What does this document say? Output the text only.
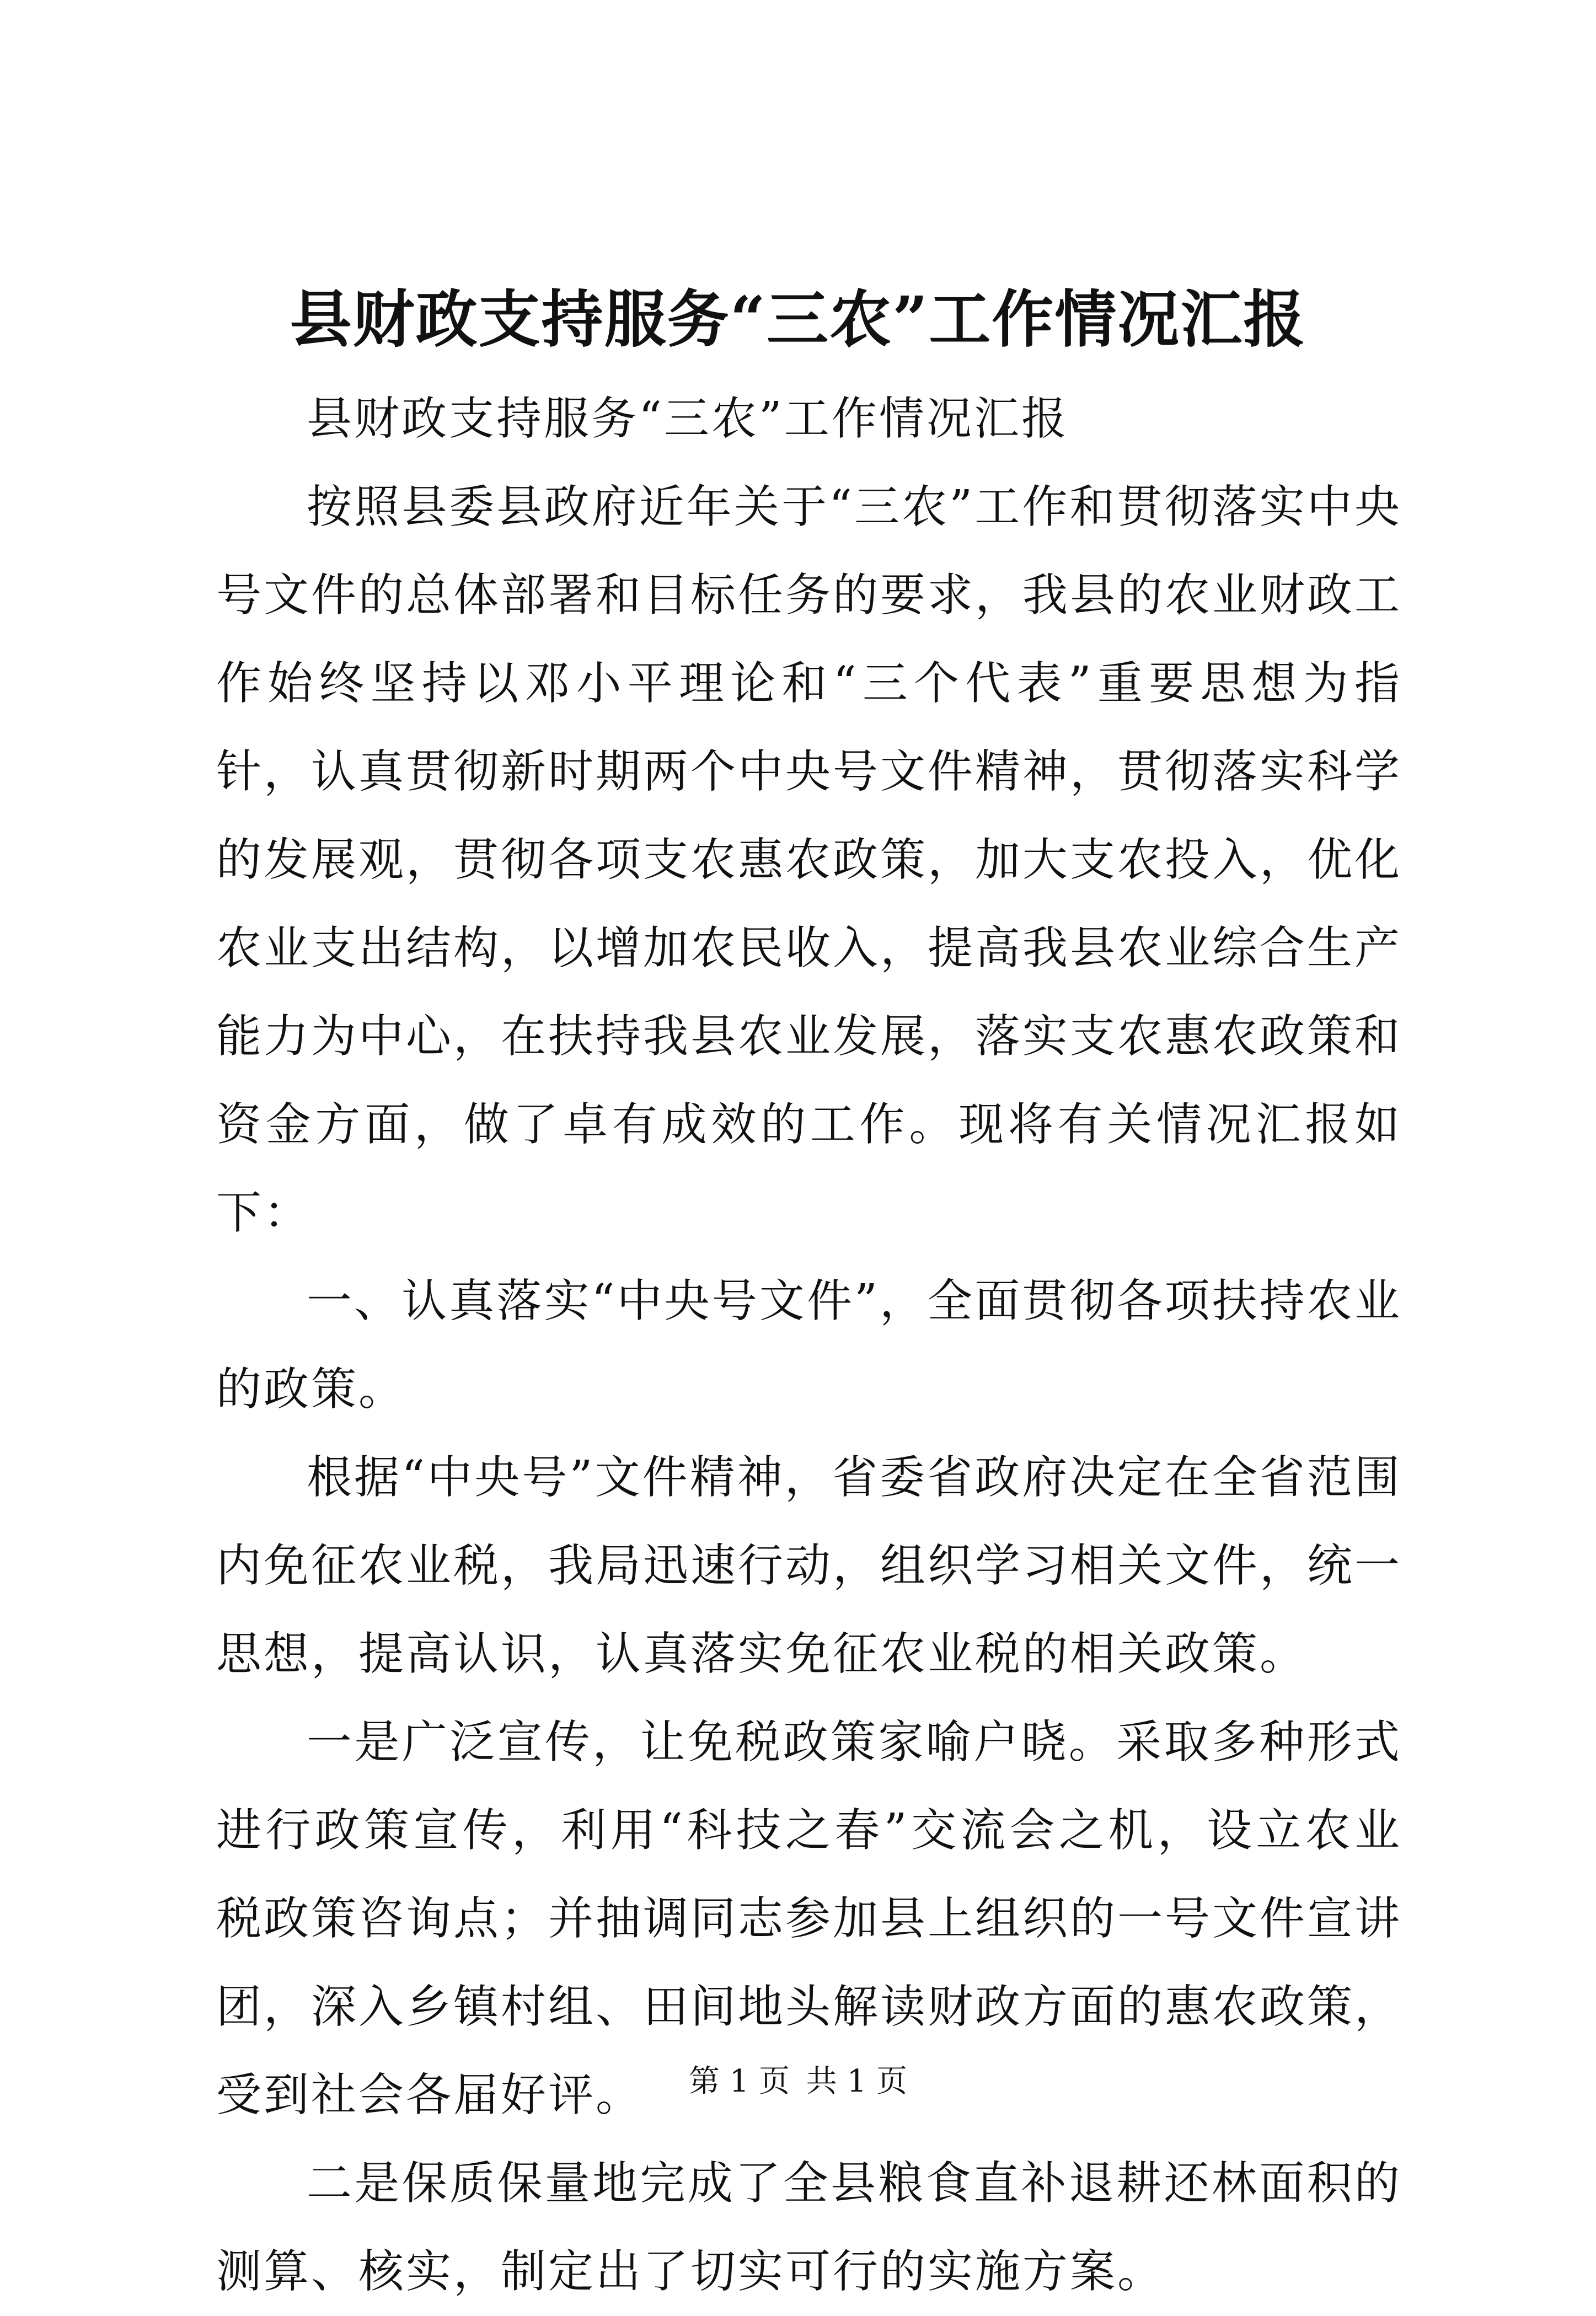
县财政支持服务“三农”工作情况汇报

县财政支持服务“三农”工作情况汇报

按照县委县政府近年关于“三农”工作和贯彻落实中央号文件的总体部署和目标任务的要求，我县的农业财政工作始终坚持以邓小平理论和“三个代表”重要思想为指针，认真贯彻新时期两个中央号文件精神，贯彻落实科学的发展观，贯彻各项支农惠农政策，加大支农投入，优化农业支出结构，以增加农民收入，提高我县农业综合生产能力为中心，在扶持我县农业发展，落实支农惠农政策和资金方面，做了卓有成效的工作。现将有关情况汇报如下：

一、认真落实“中央号文件”，全面贯彻各项扶持农业的政策。

根据“中央号”文件精神，省委省政府决定在全省范围内免征农业税，我局迅速行动，组织学习相关文件，统一思想，提高认识，认真落实免征农业税的相关政策。

一是广泛宣传，让免税政策家喻户晓。采取多种形式进行政策宣传，利用“科技之春”交流会之机，设立农业税政策咨询点；并抽调同志参加县上组织的一号文件宣讲团，深入乡镇村组、田间地头解读财政方面的惠农政策，受到社会各届好评。

二是保质保量地完成了全县粮食直补退耕还林面积的测算、核实，制定出了切实可行的实施方案。

第 1 页 共 1 页
